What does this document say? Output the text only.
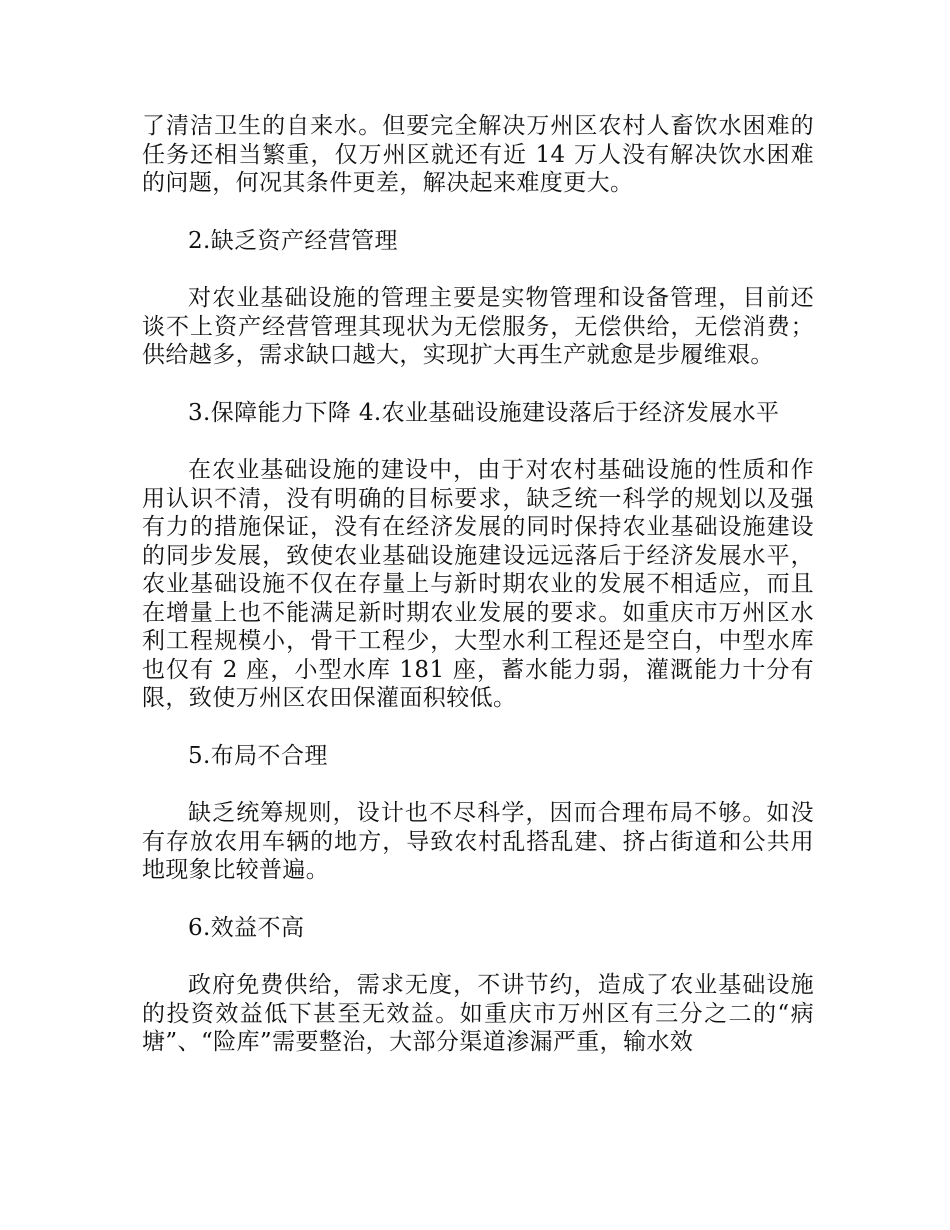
了清洁卫生的自来水。但要完全解决万州区农村人畜饮水困难的任务还相当繁重，仅万州区就还有近 14 万人没有解决饮水困难的问题，何况其条件更差，解决起来难度更大。

2.缺乏资产经营管理

对农业基础设施的管理主要是实物管理和设备管理，目前还谈不上资产经营管理其现状为无偿服务，无偿供给，无偿消费；供给越多，需求缺口越大，实现扩大再生产就愈是步履维艰。

3.保障能力下降 4.农业基础设施建设落后于经济发展水平

在农业基础设施的建设中，由于对农村基础设施的性质和作用认识不清，没有明确的目标要求，缺乏统一科学的规划以及强有力的措施保证，没有在经济发展的同时保持农业基础设施建设的同步发展，致使农业基础设施建设远远落后于经济发展水平，农业基础设施不仅在存量上与新时期农业的发展不相适应，而且在增量上也不能满足新时期农业发展的要求。如重庆市万州区水利工程规模小，骨干工程少，大型水利工程还是空白，中型水库也仅有 2 座，小型水库 181 座，蓄水能力弱，灌溉能力十分有限，致使万州区农田保灌面积较低。

5.布局不合理

缺乏统筹规则，设计也不尽科学，因而合理布局不够。如没有存放农用车辆的地方，导致农村乱搭乱建、挤占街道和公共用地现象比较普遍。

6.效益不高

政府免费供给，需求无度，不讲节约，造成了农业基础设施的投资效益低下甚至无效益。如重庆市万州区有三分之二的“病塘”、“险库”需要整治，大部分渠道渗漏严重，输水效
